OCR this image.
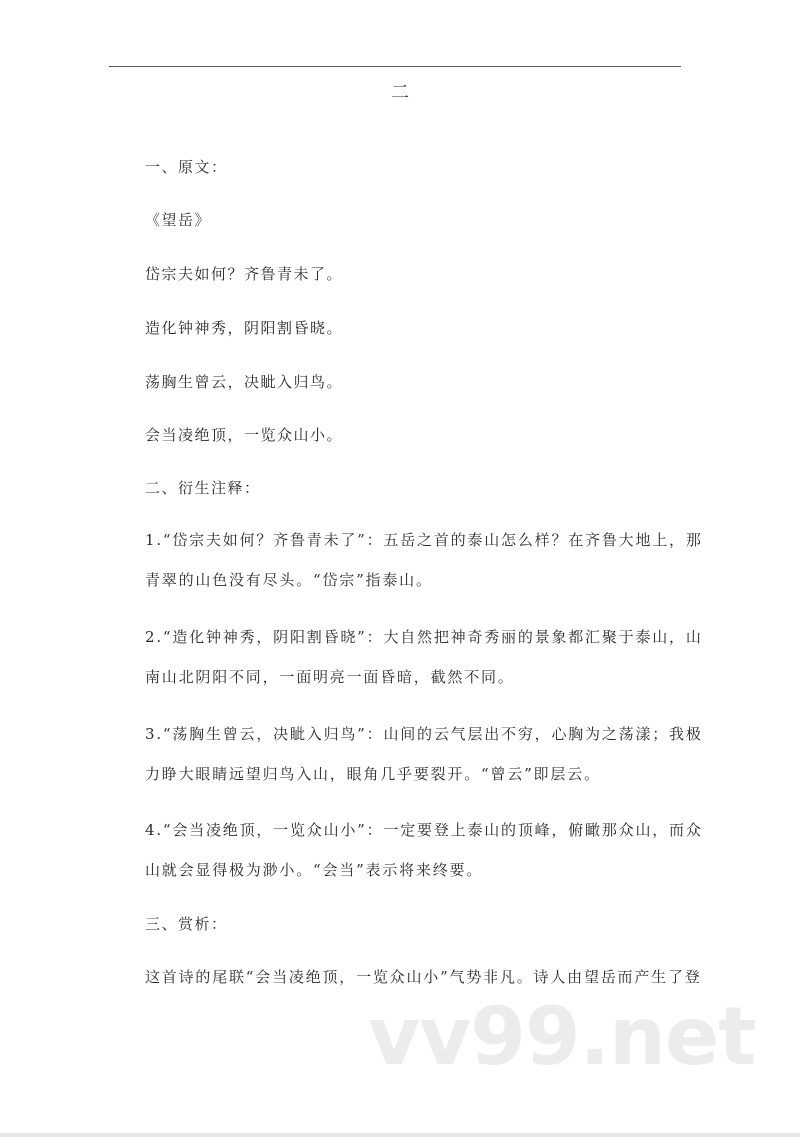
二
一、原文：
《望岳》
岱宗夫如何？齐鲁青未了。
造化钟神秀，阴阳割昏晓。
荡胸生曾云，决眦入归鸟。
会当凌绝顶，一览众山小。
二、衍生注释：
1.“岱宗夫如何？齐鲁青未了”：五岳之首的泰山怎么样？在齐鲁大地上，那
青翠的山色没有尽头。“岱宗”指泰山。
2.“造化钟神秀，阴阳割昏晓”：大自然把神奇秀丽的景象都汇聚于泰山，山
南山北阴阳不同，一面明亮一面昏暗，截然不同。
3.“荡胸生曾云，决眦入归鸟”：山间的云气层出不穷，心胸为之荡漾；我极
力睁大眼睛远望归鸟入山，眼角几乎要裂开。“曾云”即层云。
4.“会当凌绝顶，一览众山小”：一定要登上泰山的顶峰，俯瞰那众山，而众
山就会显得极为渺小。“会当”表示将来终要。
三、赏析：
这首诗的尾联“会当凌绝顶，一览众山小”气势非凡。诗人由望岳而产生了登
vv99.net
